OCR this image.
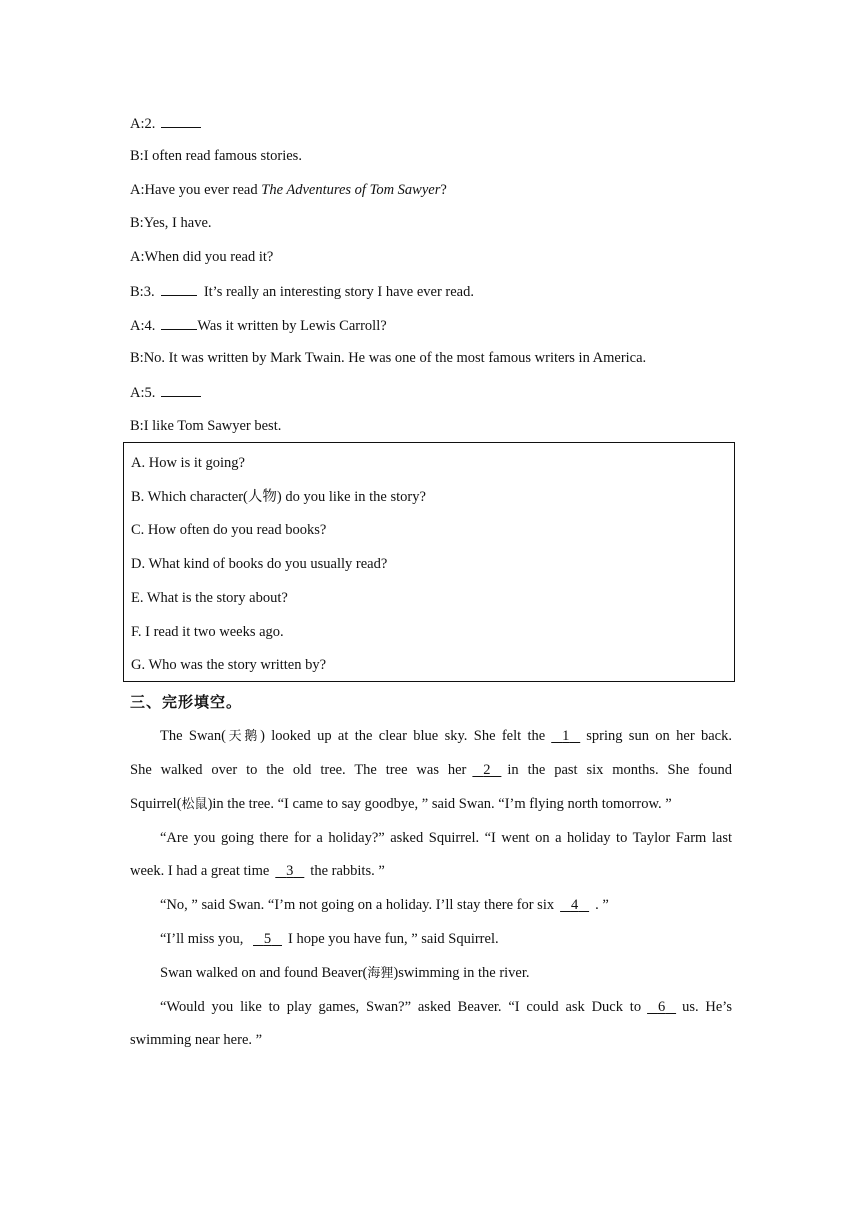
A:2.
B:I often read famous stories.
A:Have you ever read The Adventures of Tom Sawyer?
B:Yes, I have.
A:When did you read it?
B:3.	It’s really an interesting story I have ever read.
A:4.	Was it written by Lewis Carroll?
B:No. It was written by Mark Twain. He was one of the most famous writers in America.
A:5.
B:I like Tom Sawyer best.
A. How is it going?
B. Which character(人物) do you like in the story?
C. How often do you read books?
D. What kind of books do you usually read?
E. What is the story about?
F. I read it two weeks ago.
G. Who was the story written by?
三、完形填空。
The Swan(天鹅) looked up at the clear blue sky. She felt the 1 spring sun on her back.
She walked over to the old tree. The tree was her 2 in the past six months. She found
Squirrel(松鼠)in the tree. “I came to say goodbye, ” said Swan. “I’m flying north tomorrow. ”
“Are you going there for a holiday?” asked Squirrel. “I went on a holiday to Taylor Farm last
week. I had a great time 3 the rabbits. ”
“No, ” said Swan. “I’m not going on a holiday. I’ll stay there for six 4 . ”
“I’ll miss you,    5 I hope you have fun, ” said Squirrel.
Swan walked on and found Beaver(海狸)swimming in the river.
“Would you like to play games, Swan?” asked Beaver. “I could ask Duck to 6 us. He’s
swimming near here. ”
